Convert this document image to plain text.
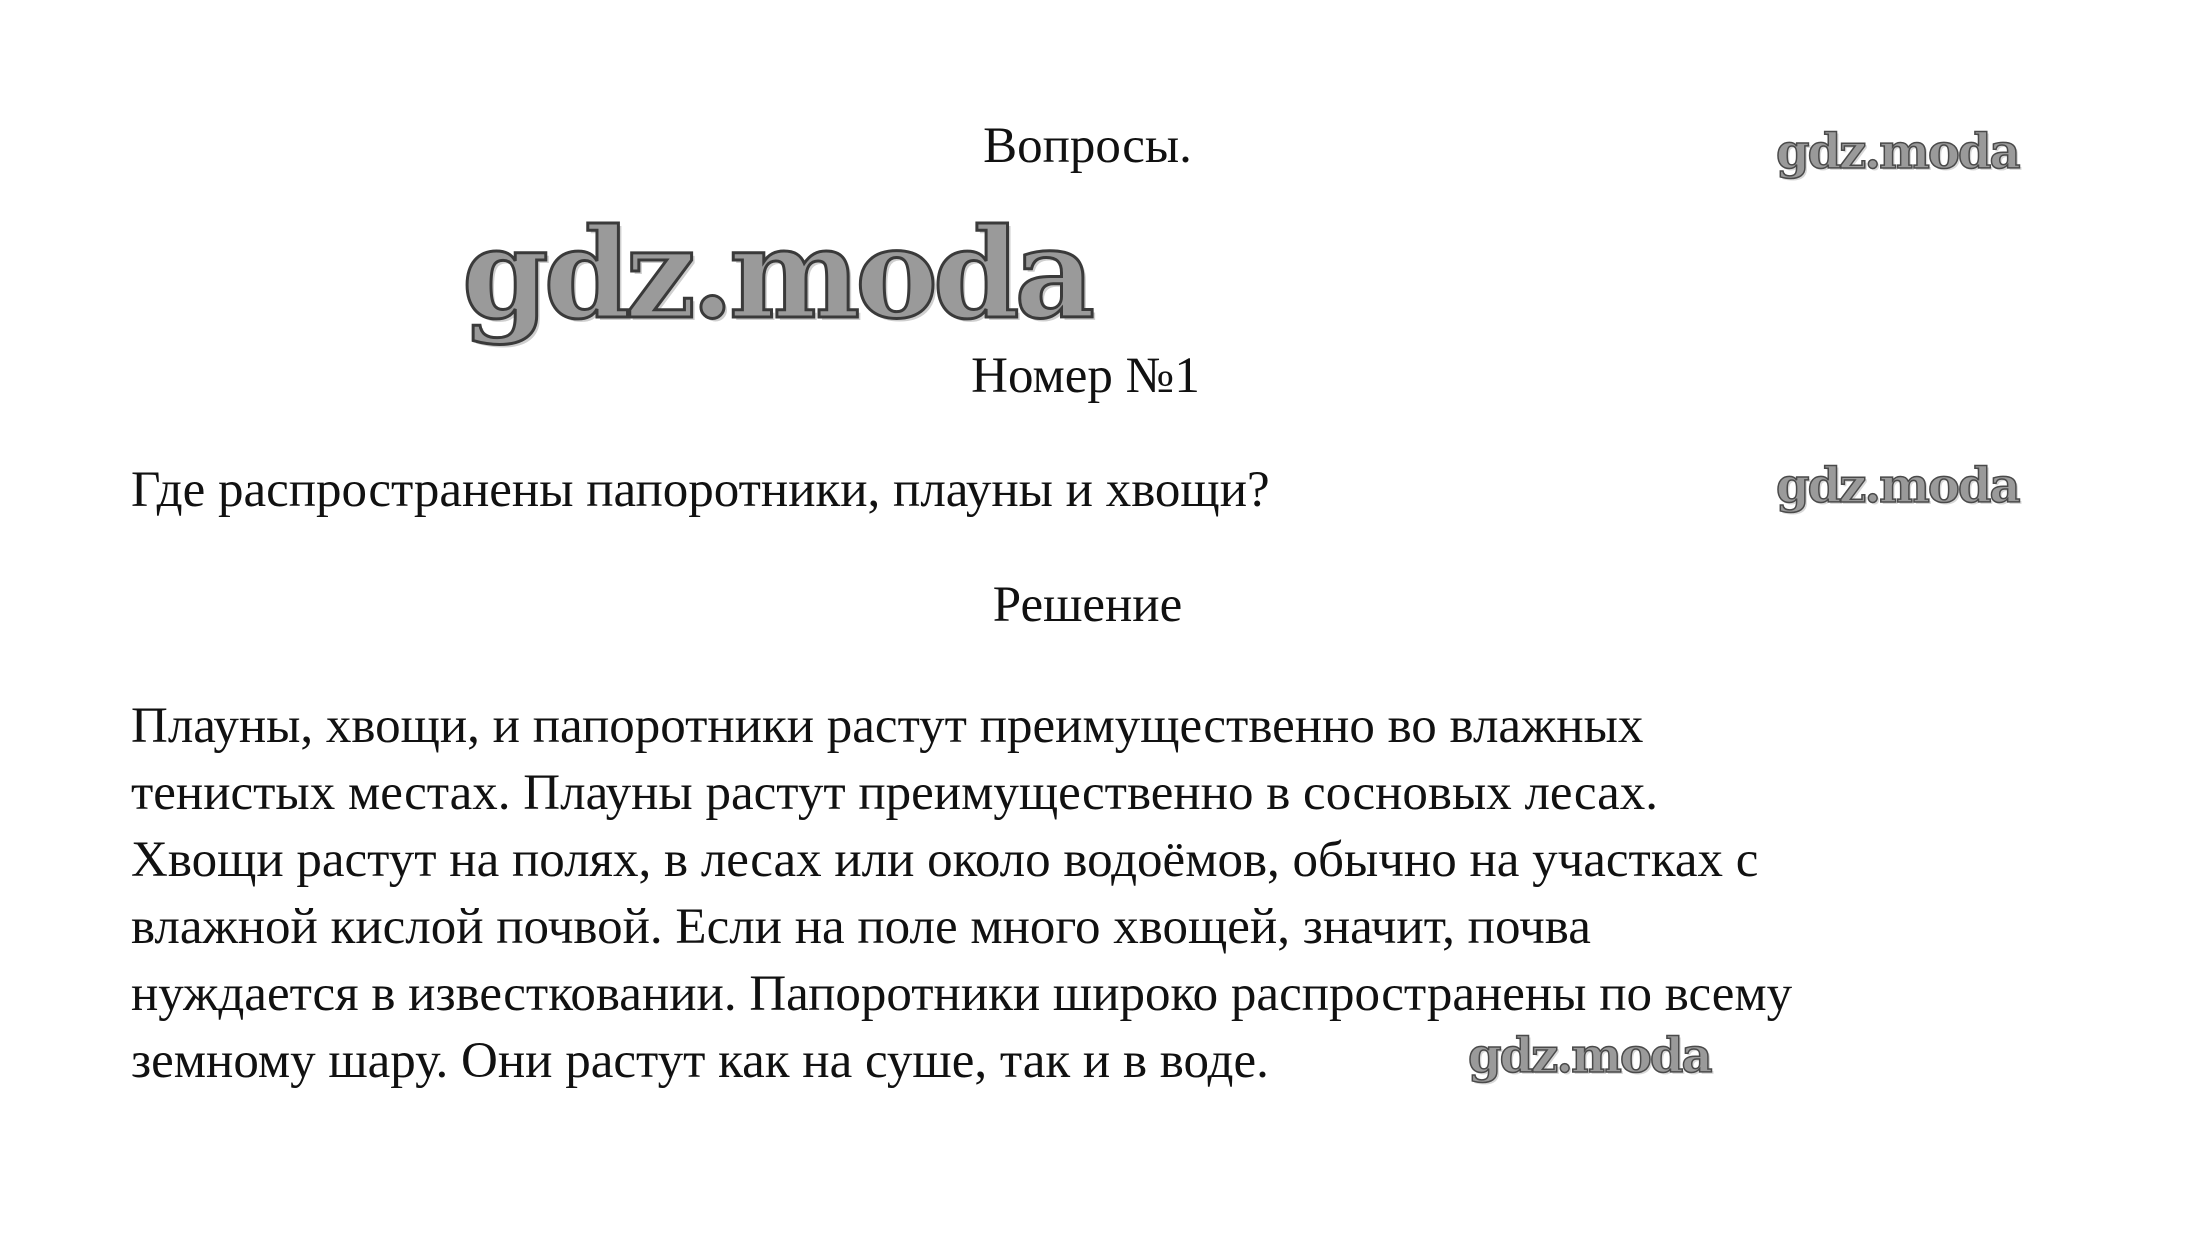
Вопросы.	gdz.moda
gdz.moda
Номер №1

Где распространены папоротники, плауны и хвощи?	gdz.moda
Решение

Плауны, хвощи, и папоротники растут преимущественно во влажных
тенистых местах. Плауны растут преимущественно в сосновых лесах.
Хвощи растут на полях, в лесах или около водоёмов, обычно на участках с
влажной кислой почвой. Если на поле много хвощей, значит, почва
нуждается в известковании. Папоротники широко распространены по всему
земному шару. Они растут как на суше, так и в воде.	gdz.moda
